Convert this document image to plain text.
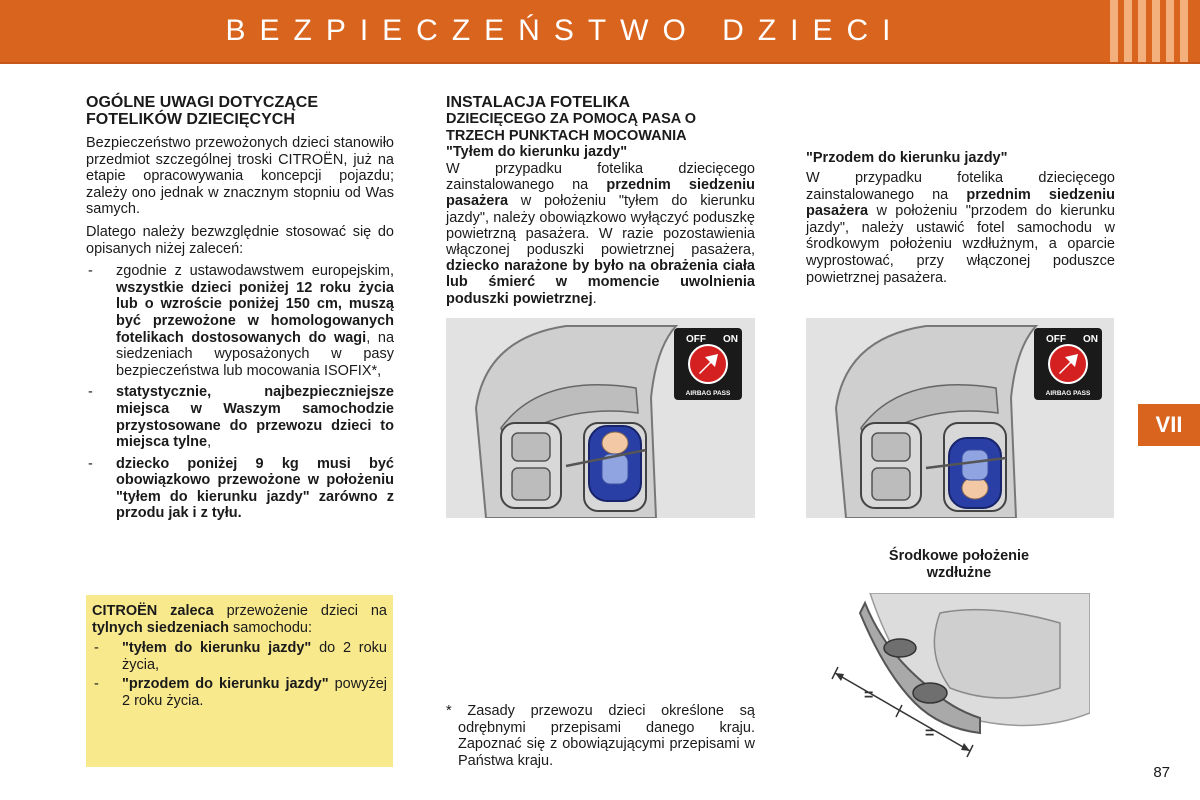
BEZPIECZEŃSTWO DZIECI
VII
OGÓLNE UWAGI DOTYCZĄCE
FOTELIKÓW DZIECIĘCYCH

Bezpieczeństwo przewożonych dzieci stanowiło przedmiot szczególnej troski CITROËN, już na etapie opracowywania koncepcji pojazdu; zależy ono jednak w znacznym stopniu od Was samych.

Dlatego należy bezwzględnie stosować się do opisanych niżej zaleceń:

- zgodnie z ustawodawstwem europejskim, wszystkie dzieci poniżej 12 roku życia lub o wzroście poniżej 150 cm, muszą być przewożone w homologowanych fotelikach dostosowanych do wagi, na siedzeniach wyposażonych w pasy bezpieczeństwa lub mocowania ISOFIX*,
- statystycznie, najbezpieczniejsze miejsca w Waszym samochodzie przystosowane do przewozu dzieci to miejsca tylne,
- dziecko poniżej 9 kg musi być obowiązkowo przewożone w położeniu "tyłem do kierunku jazdy" zarówno z przodu jak i z tyłu.

CITROËN zaleca przewożenie dzieci na tylnych siedzeniach samochodu:

- "tyłem do kierunku jazdy" do 2 roku życia,
- "przodem do kierunku jazdy" powyżej 2 roku życia.
INSTALACJA FOTELIKA
DZIECIĘCEGO ZA POMOCĄ PASA O TRZECH PUNKTACH MOCOWANIA
"Tyłem do kierunku jazdy"

W przypadku fotelika dziecięcego zainstalowanego na przednim siedzeniu pasażera w położeniu "tyłem do kierunku jazdy", należy obowiązkowo wyłączyć poduszkę powietrzną pasażera. W razie pozostawienia włączonej poduszki powietrznej pasażera, dziecko narażone by było na obrażenia ciała lub śmierć w momencie uwolnienia poduszki powietrznej.

OFF ON
AIRBAG PASS

* Zasady przewozu dzieci określone są odrębnymi przepisami danego kraju. Zapoznać się z obowiązującymi przepisami w Państwa kraju.

"Przodem do kierunku jazdy"

W przypadku fotelika dziecięcego zainstalowanego na przednim siedzeniu pasażera w położeniu "przodem do kierunku jazdy", należy ustawić fotel samochodu w środkowym położeniu wzdłużnym, a oparcie wyprostować, przy włączonej poduszce powietrznej pasażera.

OFF ON
AIRBAG PASS
Środkowe położenie
wzdłużne
=
=
87
